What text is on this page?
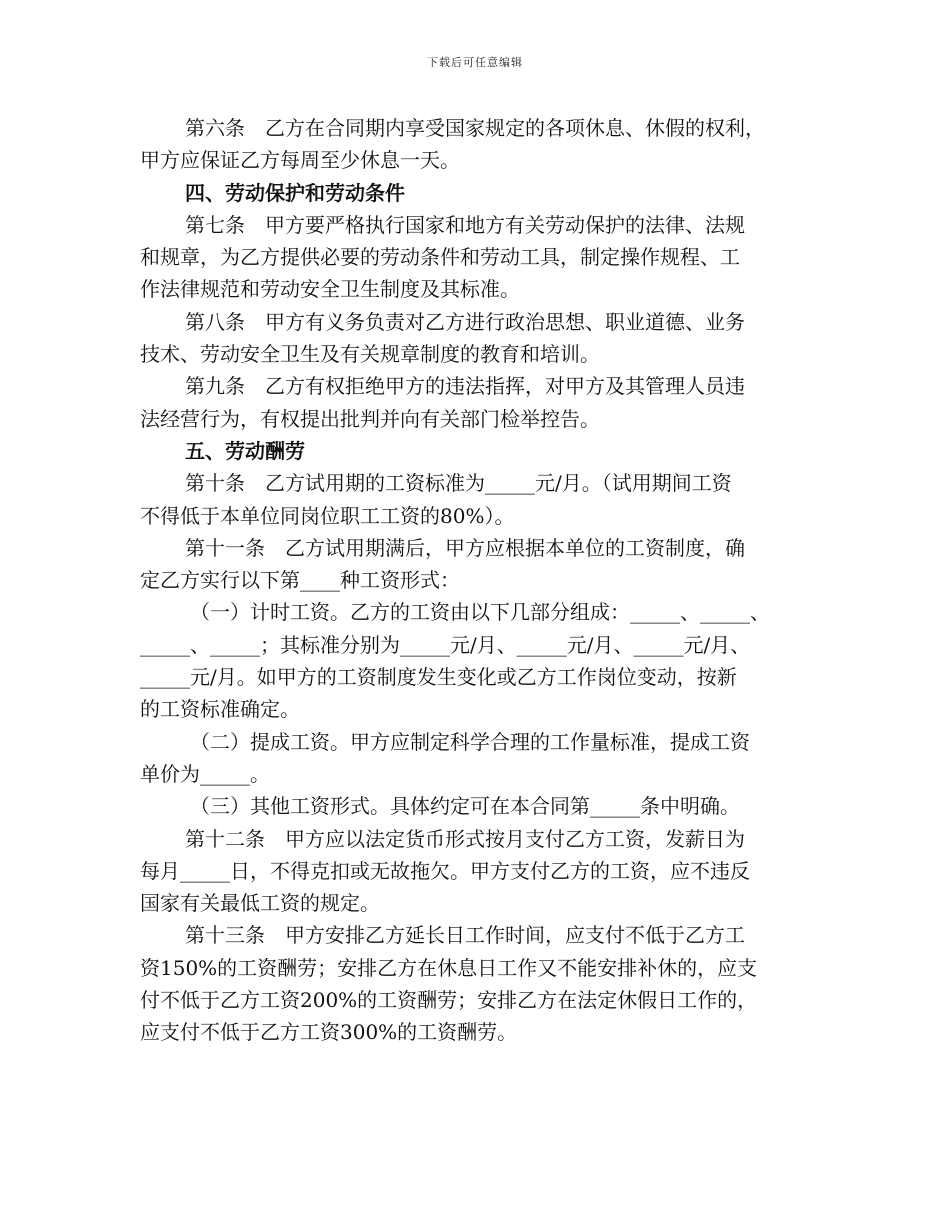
下载后可任意编辑
第六条　乙方在合同期内享受国家规定的各项休息、休假的权利，
甲方应保证乙方每周至少休息一天。
四、劳动保护和劳动条件
第七条　甲方要严格执行国家和地方有关劳动保护的法律、法规
和规章，为乙方提供必要的劳动条件和劳动工具，制定操作规程、工
作法律规范和劳动安全卫生制度及其标准。
第八条　甲方有义务负责对乙方进行政治思想、职业道德、业务
技术、劳动安全卫生及有关规章制度的教育和培训。
第九条　乙方有权拒绝甲方的违法指挥，对甲方及其管理人员违
法经营行为，有权提出批判并向有关部门检举控告。
五、劳动酬劳
第十条　乙方试用期的工资标准为_____元/月。（试用期间工资
不得低于本单位同岗位职工工资的80%）。
第十一条　乙方试用期满后，甲方应根据本单位的工资制度，确
定乙方实行以下第____种工资形式：
（一）计时工资。乙方的工资由以下几部分组成：_____、_____、
_____、_____；其标准分别为_____元/月、_____元/月、_____元/月、
_____元/月。如甲方的工资制度发生变化或乙方工作岗位变动，按新
的工资标准确定。
（二）提成工资。甲方应制定科学合理的工作量标准，提成工资
单价为_____。
（三）其他工资形式。具体约定可在本合同第_____条中明确。
第十二条　甲方应以法定货币形式按月支付乙方工资，发薪日为
每月_____日，不得克扣或无故拖欠。甲方支付乙方的工资，应不违反
国家有关最低工资的规定。
第十三条　甲方安排乙方延长日工作时间，应支付不低于乙方工
资150%的工资酬劳；安排乙方在休息日工作又不能安排补休的，应支
付不低于乙方工资200%的工资酬劳；安排乙方在法定休假日工作的，
应支付不低于乙方工资300%的工资酬劳。
